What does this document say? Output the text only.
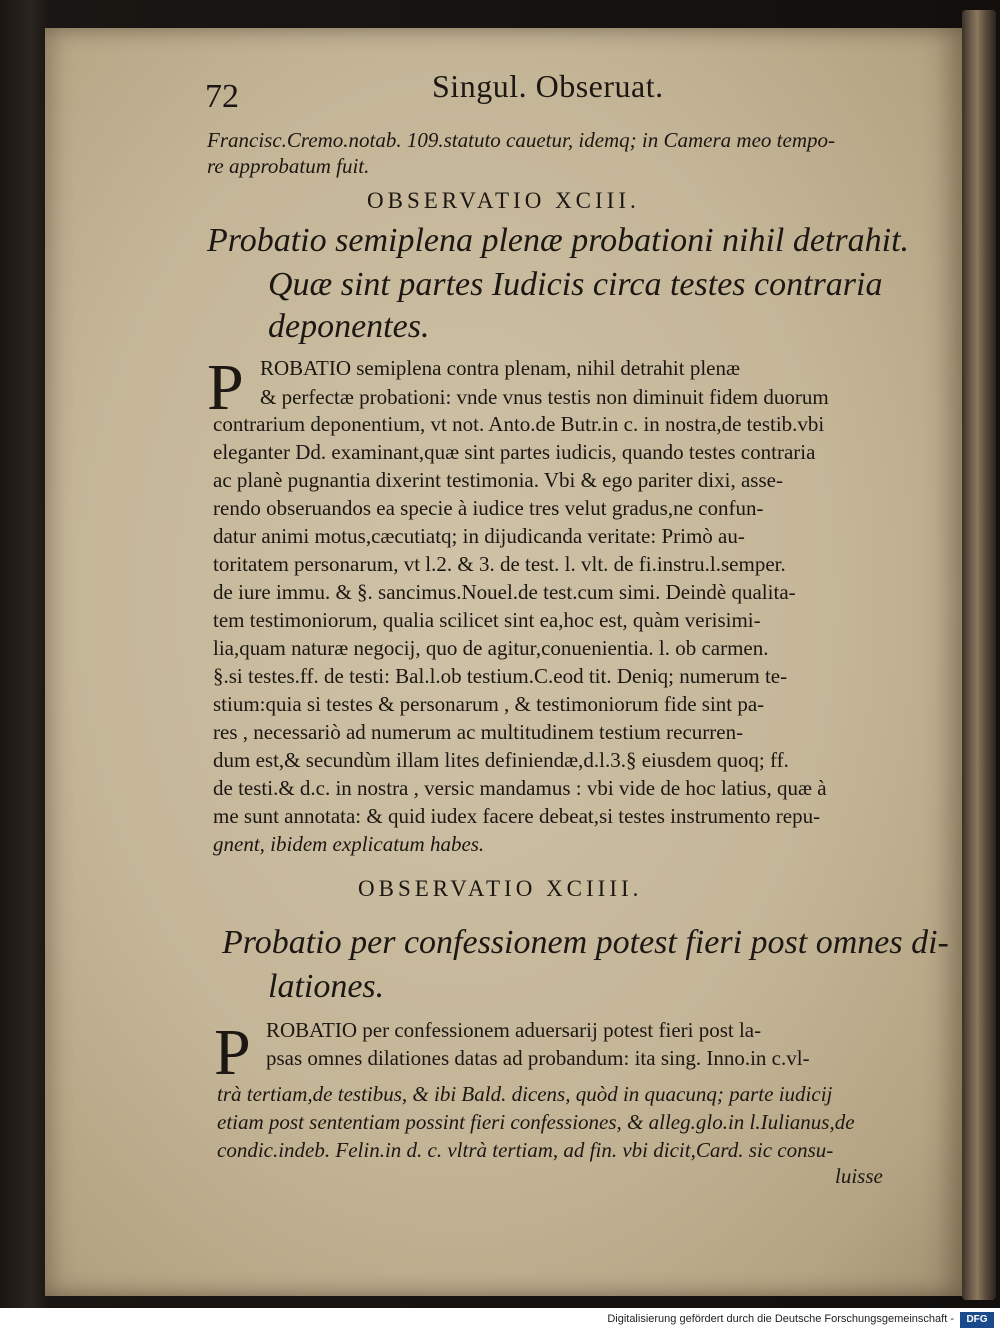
72	Singul. Obseruat.
Francisc.Cremo.notab. 109.statuto cauetur, idemq; in Camera meo tempo-
re approbatum fuit.
OBSERVATIO XCIII.
Probatio semiplena plenæ probationi nihil detrahit.
Quæ sint partes Iudicis circa testes contraria
deponentes.
P ROBATIO semiplena contra plenam, nihil detrahit plenæ
& perfectæ probationi: vnde vnus testis non diminuit fidem duorum
contrarium deponentium, vt not. Anto.de Butr.in c. in nostra,de testib.vbi
eleganter Dd. examinant,quæ sint partes iudicis, quando testes contraria
ac planè pugnantia dixerint testimonia. Vbi & ego pariter dixi, asse-
rendo obseruandos ea specie à iudice tres velut gradus,ne confun-
datur animi motus,cæcutiatq; in dijudicanda veritate: Primò au-
toritatem personarum, vt l.2. & 3. de test. l. vlt. de fi.instru.l.semper.
de iure immu. & §. sancimus.Nouel.de test.cum simi. Deindè qualita-
tem testimoniorum, qualia scilicet sint ea,hoc est, quàm verisimi-
lia,quam naturæ negocij, quo de agitur,conuenientia. l. ob carmen.
§.si testes.ff. de testi: Bal.l.ob testium.C.eod tit. Deniq; numerum te-
stium:quia si testes & personarum , & testimoniorum fide sint pa-
res , necessariò ad numerum ac multitudinem testium recurren-
dum est,& secundùm illam lites definiendæ,d.l.3.§ eiusdem quoq; ff.
de testi.& d.c. in nostra , versic mandamus : vbi vide de hoc latius, quæ à
me sunt annotata: & quid iudex facere debeat,si testes instrumento repu-
gnent, ibidem explicatum habes.
OBSERVATIO XCIIII.
Probatio per confessionem potest fieri post omnes di-
lationes.
P ROBATIO per confessionem aduersarij potest fieri post la-
psas omnes dilationes datas ad probandum: ita sing. Inno.in c.vl-
trà tertiam,de testibus, & ibi Bald. dicens, quòd in quacunq; parte iudicij
etiam post sententiam possint fieri confessiones, & alleg.glo.in l.Iulianus,de
condic.indeb. Felin.in d. c. vltrà tertiam, ad fin. vbi dicit,Card. sic consu-
luisse
Digitalisierung gefördert durch die Deutsche Forschungsgemeinschaft -	DFG
